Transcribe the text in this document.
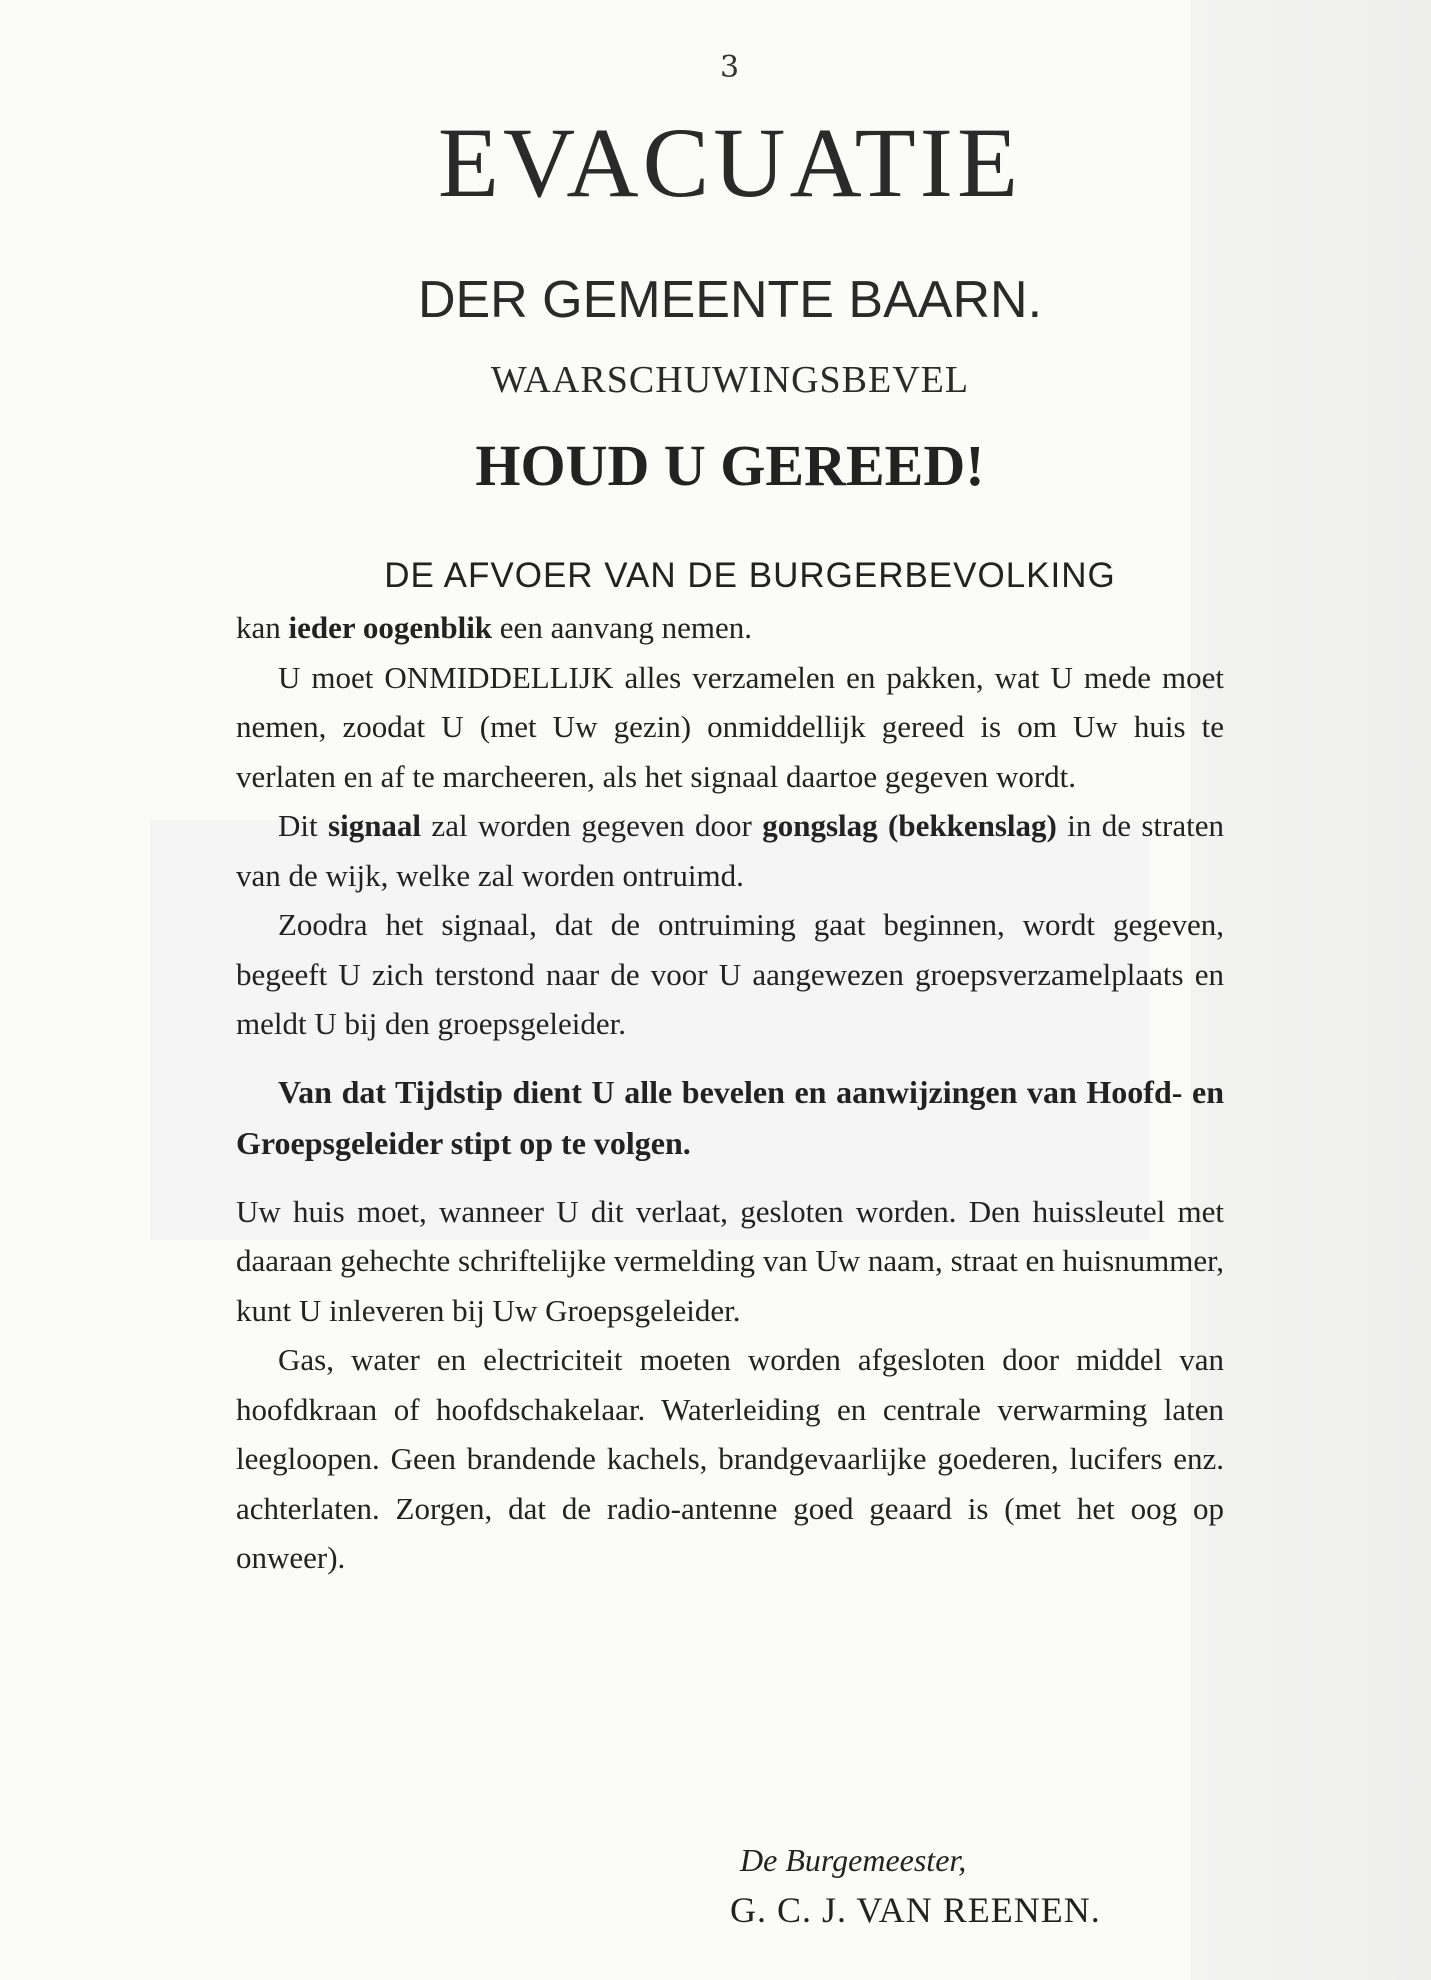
3
EVACUATIE
DER GEMEENTE BAARN.
WAARSCHUWINGSBEVEL
HOUD U GEREED!

DE AFVOER VAN DE BURGERBEVOLKING

kan ieder oogenblik een aanvang nemen.

U moet ONMIDDELLIJK alles verzamelen en pakken, wat U mede moet nemen, zoodat U (met Uw gezin) onmiddellijk gereed is om Uw huis te verlaten en af te marcheeren, als het signaal daartoe gegeven wordt.

Dit signaal zal worden gegeven door gongslag (bekkenslag) in de straten van de wijk, welke zal worden ontruimd.

Zoodra het signaal, dat de ontruiming gaat beginnen, wordt gegeven, begeeft U zich terstond naar de voor U aangewezen groepsverzamelplaats en meldt U bij den groepsgeleider.

Van dat Tijdstip dient U alle bevelen en aanwijzingen van Hoofd- en Groepsgeleider stipt op te volgen.

Uw huis moet, wanneer U dit verlaat, gesloten worden. Den huissleutel met daaraan gehechte schriftelijke vermelding van Uw naam, straat en huisnummer, kunt U inleveren bij Uw Groepsgeleider.

Gas, water en electriciteit moeten worden afgesloten door middel van hoofdkraan of hoofdschakelaar. Waterleiding en centrale verwarming laten leegloopen. Geen brandende kachels, brandgevaarlijke goederen, lucifers enz. achterlaten. Zorgen, dat de radio-antenne goed geaard is (met het oog op onweer).

De Burgemeester,
G. C. J. VAN REENEN.
